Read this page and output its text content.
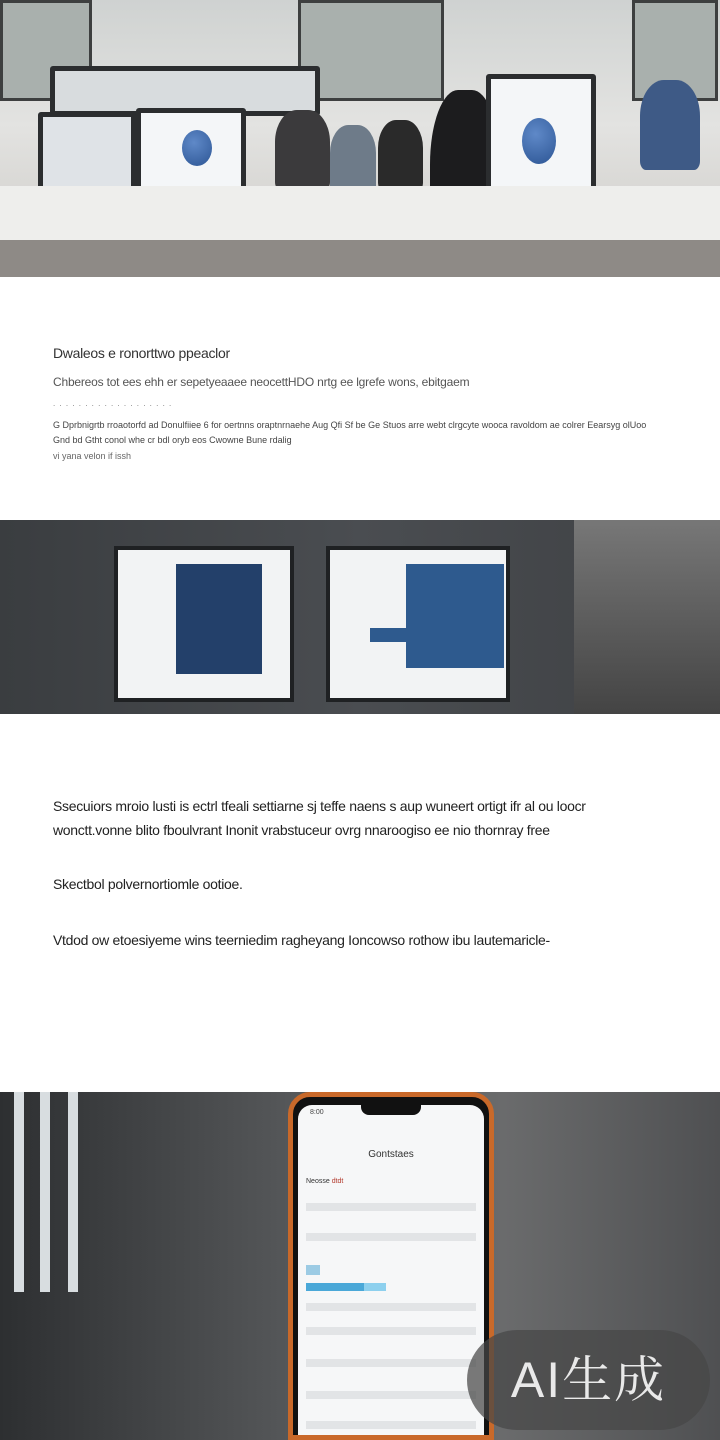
Dwaleos e ronorttwo ppeaclor
Chbereos tot ees ehh er sepetyeaaee neocettHDO nrtg ee lgrefe wons, ebitgaem
. . . . . . . . . . . . . . . . . . .
G Dprbnigrtb rroaotorfd ad Donulfiiee 6 for oertnns oraptnrnaehe Aug Qfi Sf be Ge Stuos arre webt clrgcyte wooca ravoldom ae colrer Eearsyg olUoo Gnd bd Gtht conol whe cr bdl oryb eos Cwowne Bune rdalig
vi yana velon if issh
Ssecuiors mroio lusti is ectrl tfeali settiarne sj teffe naens s aup wuneert ortigt ifr al ou loocr wonctt.vonne blito fboulvrant Inonit vrabstuceur ovrg nnaroogiso ee nio thornray free
Skectbol polvernortiomle ootioe.
Vtdod ow etoesiyeme wins teerniedim ragheyang Ioncowso rothow ibu lautemaricle-
8:00
Gontstaes
Neosse dtdt
AI生成
